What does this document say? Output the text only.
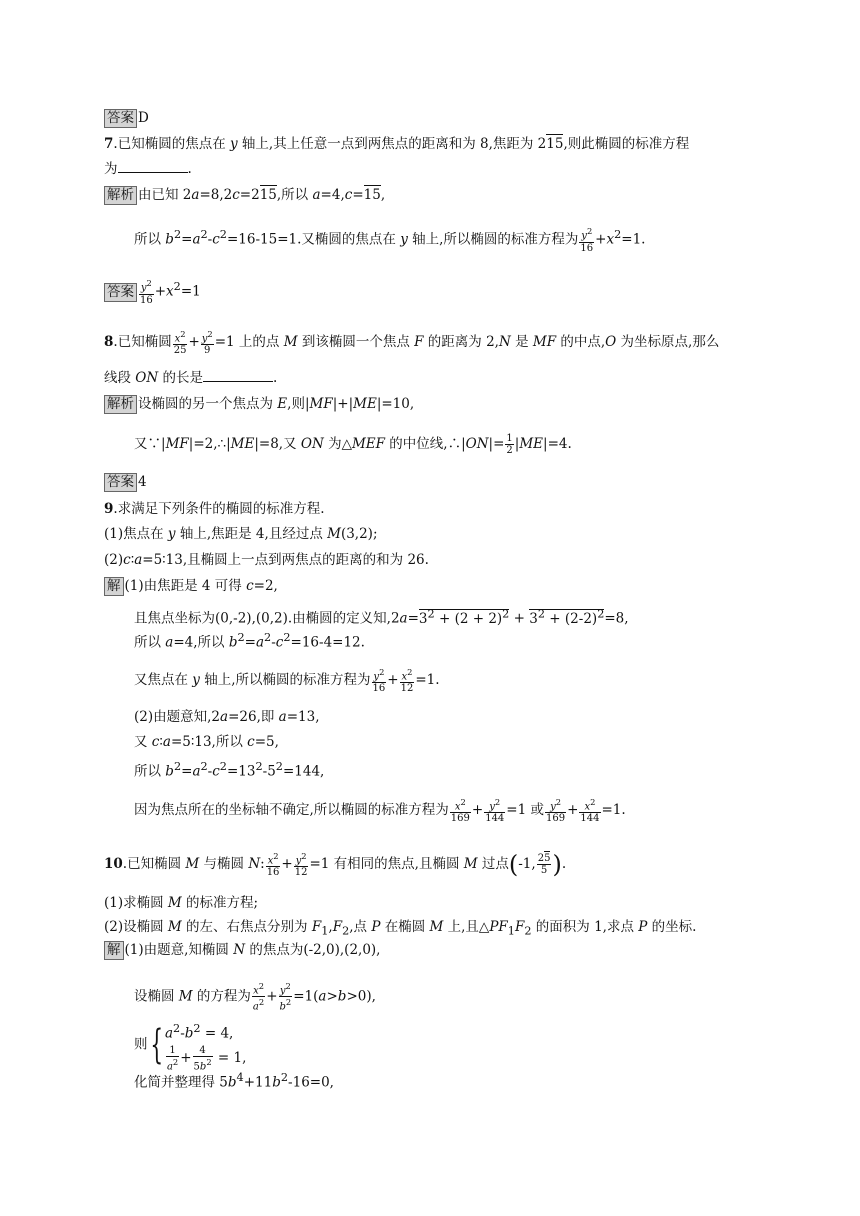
答案 D
7.已知椭圆的焦点在 y 轴上,其上任意一点到两焦点的距离和为 8,焦距为 215,则此椭圆的标准方程
为	.
解析 由已知 2a=8,2c=215,所以 a=4,c=15,
所以 $b^2=a^2-c^2=16-15=1$.又椭圆的焦点在 y 轴上,所以椭圆的标准方程为 $\frac{y^2}{16} +x^2=1$.
答案 $\frac{y^2}{16} +x^2=1$
8.已知椭圆 $\frac{x^2}{25} + \frac{y^2}{9} =1$ 上的点 M 到该椭圆一个焦点 F 的距离为 2,N 是 MF 的中点,O 为坐标原点,那么
线段 ON 的长是	.
解析 设椭圆的另一个焦点为 E,则|MF|+|ME|=10,
又∵|MF|=2,∴|ME|=8,又 ON 为△MEF 的中位线,∴|ON|= $\frac{1}{2} |ME|=4$.
答案 4
9.求满足下列条件的椭圆的标准方程.
(1)焦点在 y 轴上,焦距是 4,且经过点 M(3,2);
(2)c∶a=5∶13,且椭圆上一点到两焦点的距离的和为 26.
解 (1)由焦距是 4 可得 c=2,
且焦点坐标为(0,-2),(0,2).由椭圆的定义知$,2a=3^2 + (2 + 2)^2 + 3^2 + (2-2)^2=8$,
所以 a=4,所以 $b^2=a^2-c^2=16-4=12$.
又焦点在 y 轴上,所以椭圆的标准方程为 $\frac{y^2}{16} + \frac{x^2}{12} =1$.
(2)由题意知,2a=26,即 a=13,
又 c∶a=5∶13,所以 c=5,
所以 $b^2=a^2-c^2=13^2-5^2=144$,
因为焦点所在的坐标轴不确定,所以椭圆的标准方程为 $\frac{x^2}{169} + \frac{y^2}{144} =1$ 或 $\frac{y^2}{169} + \frac{x^2}{144} =1$.
10.已知椭圆 M 与椭圆 N: $\frac{x^2}{16} + \frac{y^2}{12} =1$ 有相同的焦点,且椭圆 M 过点(-1, $\frac{25}{5}$ ).
(1)求椭圆 M 的标准方程;
(2)设椭圆 M 的左、右焦点分别为 $F_1,F_2$,点 P 在椭圆 M 上,且$\triangle PF_1F_2$ 的面积为 1,求点 P 的坐标.
解 (1)由题意,知椭圆 N 的焦点为(-2,0),(2,0),
设椭圆 M 的方程为 $\frac{x^2}{a^2} + \frac{y^2}{b^2} =1(a>b>0)$,
则{ $a^2-b^2 = 4$,
$\frac{1}{a^2} + \frac{4}{5b^2} = 1$,
化简并整理得 $5b^4+11b^2-16=0$,
